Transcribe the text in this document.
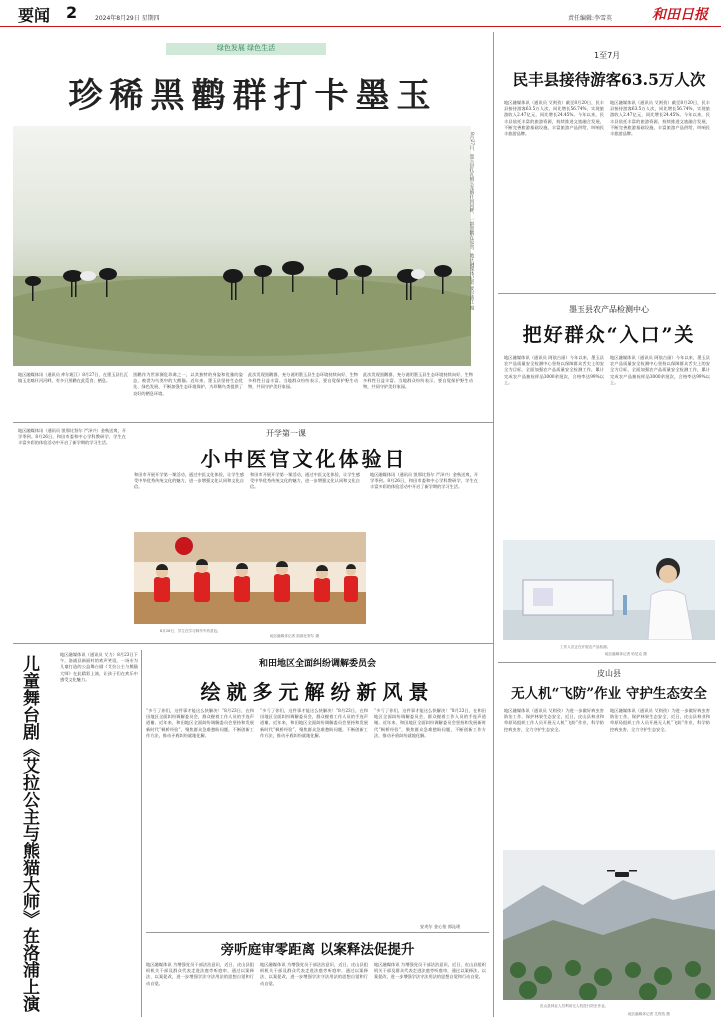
要闻 2	2024年8月29日 星期四	责任编辑:李雪英	和田日报
绿色发展 绿色生活
珍稀黑鹳群打卡墨玉
8月27日，墨玉县扎瓦镇玉龙喀什河河畔，一群黑鹳在觅食。地区融媒体记者 麦尔旅江 摄
地区融媒体讯（通讯员 库尔班江）8月27日，在墨玉县扎瓦镇玉龙喀什河河畔，有多只黑鹳在此觅食、栖息。
黑鹳作为世界濒危珍禽之一，以其独特的身姿和优雅的姿态，被誉为鸟类中的大熊猫。近年来，墨玉县坚持生态优先、绿色发展，不断加强生态环境保护，为珍稀鸟类提供了良好的栖息环境。
此次发现黑鹳群，充分说明墨玉县生态环境持续向好，生物多样性日益丰富。当地群众纷纷表示，要自觉保护野生动物，共同守护美好家园。
此次发现黑鹳群，充分说明墨玉县生态环境持续向好，生物多样性日益丰富。当地群众纷纷表示，要自觉保护野生动物，共同守护美好家园。
1至7月
民丰县接待游客63.5万人次
地区融媒体讯（通讯员 艾则孜）截至8月20日，民丰县接待游客63.5万人次，同比增长56.74%，实现旅游收入2.47亿元，同比增长24.45%。今年以来，民丰县依托丰富的旅游资源，持续推进文旅融合发展，不断完善旅游基础设施，丰富旅游产品供给，叫响民丰旅游品牌。
地区融媒体讯（通讯员 艾则孜）截至8月20日，民丰县接待游客63.5万人次，同比增长56.74%，实现旅游收入2.47亿元，同比增长24.45%。今年以来，民丰县依托丰富的旅游资源，持续推进文旅融合发展，不断完善旅游基础设施，丰富旅游产品供给，叫响民丰旅游品牌。
墨玉县农产品检测中心
把好群众“入口”关
地区融媒体讯（通讯员 阿依古丽）今年以来，墨玉县农产品质量安全检测中心坚持以保障群众舌尖上的安全为目标，全面加强农产品质量安全检测工作，累计完成农产品抽检样品3000余批次，合格率达99%以上。
地区融媒体讯（通讯员 阿依古丽）今年以来，墨玉县农产品质量安全检测中心坚持以保障群众舌尖上的安全为目标，全面加强农产品质量安全检测工作，累计完成农产品抽检样品3000余批次，合格率达99%以上。
工作人员正在开展农产品检测。
地区融媒体记者 哈尼克 摄
地区融媒体讯（通讯员 凯那比努尔 严泽兴）金秋送爽，开学季到。8月26日，和田市委和中心学科教研学，学生在丰富多彩的体验活动中开启了新学期的学习生活。
开学第一课
小中医官文化体验日
和田市开展开学第一课活动，通过中医文化体验，让学生感受中华优秀传统文化的魅力，进一步增强文化认同和文化自信。
和田市开展开学第一课活动，通过中医文化体验，让学生感受中华优秀传统文化的魅力，进一步增强文化认同和文化自信。
地区融媒体讯（通讯员 凯那比努尔 严泽兴）金秋送爽，开学季到。8月26日，和田市委和中心学科教研学，学生在丰富多彩的体验活动中开启了新学期的学习生活。
8月26日，学生在学习制作中药香包。
地区融媒体记者 凯那比努尔 摄
儿童舞台剧《艾拉公主与熊猫大师》在洛浦上演
地区融媒体讯（通讯员 艾力）8月23日下午，洛浦县新丽村的欢声笑语，一场专为儿童打造的公益舞台剧《艾拉公主与熊猫大师》在此精彩上演，让孩子们在欢乐中感受文化魅力。
和田地区全面纠纷调解委员会
绘就多元解纷新风景
“多亏了你们，这件事才能这么快解决！”8月23日，在和田地区全面纠纷调解委员会，群众握着工作人员的手连声道谢。近年来，和田地区全面纠纷调解委员会坚持和发展新时代“枫桥经验”，聚焦群众急难愁盼问题，不断创新工作方法，推动矛盾纠纷就地化解。
“多亏了你们，这件事才能这么快解决！”8月23日，在和田地区全面纠纷调解委员会，群众握着工作人员的手连声道谢。近年来，和田地区全面纠纷调解委员会坚持和发展新时代“枫桥经验”，聚焦群众急难愁盼问题，不断创新工作方法，推动矛盾纠纷就地化解。
“多亏了你们，这件事才能这么快解决！”8月23日，在和田地区全面纠纷调解委员会，群众握着工作人员的手连声道谢。近年来，和田地区全面纠纷调解委员会坚持和发展新时代“枫桥经验”，聚焦群众急难愁盼问题，不断创新工作方法，推动矛盾纠纷就地化解。
安麦尔 金心怡 郭沁瑶
旁听庭审零距离 以案释法促提升
地区融媒体讯 为增强党员干部法治意识，近日，皮山县组织机关干部及群众代表走进法庭旁听庭审，通过以案释法、以案促改，进一步增强学法守法用法的思想自觉和行动自觉。
地区融媒体讯 为增强党员干部法治意识，近日，皮山县组织机关干部及群众代表走进法庭旁听庭审，通过以案释法、以案促改，进一步增强学法守法用法的思想自觉和行动自觉。
地区融媒体讯 为增强党员干部法治意识，近日，皮山县组织机关干部及群众代表走进法庭旁听庭审，通过以案释法、以案促改，进一步增强学法守法用法的思想自觉和行动自觉。
皮山县
无人机“飞防”作业 守护生态安全
地区融媒体讯（通讯员 艾则孜）为进一步做好病虫害防治工作，保护林果生态安全，近日，皮山县林业和草原局组织工作人员开展无人机“飞防”作业，科学防控病虫害，全力守护生态安全。
地区融媒体讯（通讯员 艾则孜）为进一步做好病虫害防治工作，保护林果生态安全，近日，皮山县林业和草原局组织工作人员开展无人机“飞防”作业，科学防控病虫害，全力守护生态安全。
皮山县林业人员利用无人机进行防虫作业。
地区融媒体记者 艾则孜 摄
